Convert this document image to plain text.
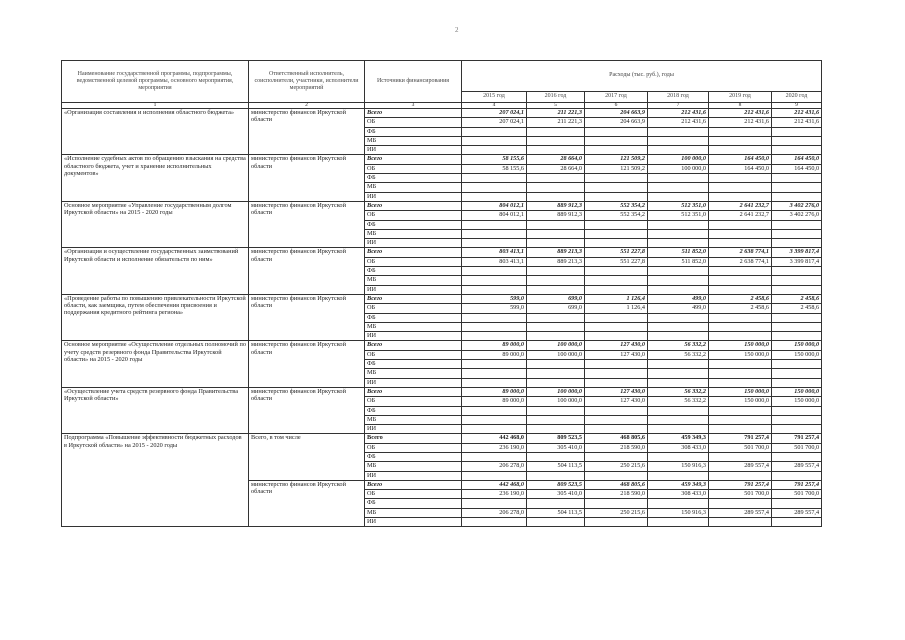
2
Наименование государственной программы, подпрограммы, ведомственной целевой программы, основного мероприятия, мероприятия	Ответственный исполнитель, соисполнители, участники, исполнители мероприятий	Источники финансирования	Расходы (тыс. руб.), годы					
			2015 год	2016 год	2017 год	2018 год	2019 год	2020 год
1	2	3	4	5	6	7	8	9
«Организация составления и исполнения областного бюджета»	министерство финансов Иркутской области	Всего	207 024,1	211 221,3	204 663,9	212 431,6	212 431,6	212 431,6
		ОБ	207 024,1	211 221,3	204 663,9	212 431,6	212 431,6	212 431,6
		ФБ						
		МБ						
		ИИ						
«Исполнение судебных актов по обращению взыскания на средства областного бюджета, учет и хранение исполнительных документов»	министерство финансов Иркутской области	Всего	58 155,6	28 664,0	121 509,2	100 000,0	164 450,0	164 450,0
		ОБ	58 155,6	28 664,0	121 509,2	100 000,0	164 450,0	164 450,0
		ФБ						
		МБ						
		ИИ						
Основное мероприятие «Управление государственным долгом Иркутской области» на 2015 - 2020 годы	министерство финансов Иркутской области	Всего	804 012,1	889 912,3	552 354,2	512 351,0	2 641 232,7	3 402 276,0
		ОБ	804 012,1	889 912,3	552 354,2	512 351,0	2 641 232,7	3 402 276,0
		ФБ						
		МБ						
		ИИ						
«Организация и осуществление государственных заимствований Иркутской области и исполнение обязательств по ним»	министерство финансов Иркутской области	Всего	803 413,1	889 213,3	551 227,8	511 852,0	2 638 774,1	3 399 817,4
		ОБ	803 413,1	889 213,3	551 227,8	511 852,0	2 638 774,1	3 399 817,4
		ФБ						
		МБ						
		ИИ						
«Проведение работы по повышению привлекательности Иркутской области, как заемщика, путем обеспечения присвоения и поддержания кредитного рейтинга региона»	министерство финансов Иркутской области	Всего	599,0	699,0	1 126,4	499,0	2 458,6	2 458,6
		ОБ	599,0	699,0	1 126,4	499,0	2 458,6	2 458,6
		ФБ						
		МБ						
		ИИ						
Основное мероприятие «Осуществление отдельных полномочий по учету средств резервного фонда Правительства Иркутской области» на 2015 - 2020 годы	министерство финансов Иркутской области	Всего	89 000,0	100 000,0	127 430,0	56 332,2	150 000,0	150 000,0
		ОБ	89 000,0	100 000,0	127 430,0	56 332,2	150 000,0	150 000,0
		ФБ						
		МБ						
		ИИ						
«Осуществление учета средств резервного фонда Правительства Иркутской области»	министерство финансов Иркутской области	Всего	89 000,0	100 000,0	127 430,0	56 332,2	150 000,0	150 000,0
		ОБ	89 000,0	100 000,0	127 430,0	56 332,2	150 000,0	150 000,0
		ФБ						
		МБ						
		ИИ						
Подпрограмма «Повышение эффективности бюджетных расходов в Иркутской области» на 2015 - 2020 годы	Всего, в том числе	Всего	442 468,0	809 523,5	468 805,6	459 349,3	791 257,4	791 257,4
		ОБ	236 190,0	305 410,0	218 590,0	308 433,0	501 700,0	501 700,0
		ФБ						
		МБ	206 278,0	504 113,5	250 215,6	150 916,3	289 557,4	289 557,4
		ИИ						
	министерство финансов Иркутской области	Всего	442 468,0	809 523,5	468 805,6	459 349,3	791 257,4	791 257,4
		ОБ	236 190,0	305 410,0	218 590,0	308 433,0	501 700,0	501 700,0
		ФБ						
		МБ	206 278,0	504 113,5	250 215,6	150 916,3	289 557,4	289 557,4
		ИИ						
